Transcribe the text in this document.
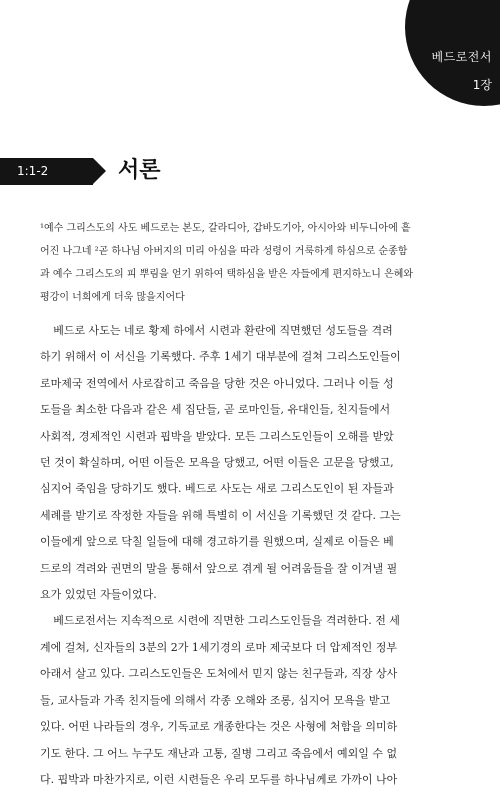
베드로전서
1장
1:1-2	서론

¹예수 그리스도의 사도 베드로는 본도, 갈라디아, 갑바도기아, 아시아와 비두니아에 흩

어진 나그네 ²곧 하나님 아버지의 미리 아심을 따라 성령이 거룩하게 하심으로 순종함

과 예수 그리스도의 피 뿌림을 얻기 위하여 택하심을 받은 자들에게 편지하노니 은혜와

평강이 너희에게 더욱 많을지어다

베드로 사도는 네로 황제 하에서 시련과 환란에 직면했던 성도들을 격려

하기 위해서 이 서신을 기록했다. 주후 1세기 대부분에 걸쳐 그리스도인들이

로마제국 전역에서 사로잡히고 죽음을 당한 것은 아니었다. 그러나 이들 성

도들을 최소한 다음과 같은 세 집단들, 곧 로마인들, 유대인들, 친지들에서

사회적, 경제적인 시련과 핍박을 받았다. 모든 그리스도인들이 오해를 받았

던 것이 확실하며, 어떤 이들은 모욕을 당했고, 어떤 이들은 고문을 당했고,

심지어 죽임을 당하기도 했다. 베드로 사도는 새로 그리스도인이 된 자들과

세례를 받기로 작정한 자들을 위해 특별히 이 서신을 기록했던 것 같다. 그는

이들에게 앞으로 닥칠 일들에 대해 경고하기를 원했으며, 실제로 이들은 베

드로의 격려와 권면의 말을 통해서 앞으로 겪게 될 어려움들을 잘 이겨낼 필

요가 있었던 자들이었다.

베드로전서는 지속적으로 시련에 직면한 그리스도인들을 격려한다. 전 세

계에 걸쳐, 신자들의 3분의 2가 1세기경의 로마 제국보다 더 압제적인 정부

아래서 살고 있다. 그리스도인들은 도처에서 믿지 않는 친구들과, 직장 상사

들, 교사들과 가족 친지들에 의해서 각종 오해와 조롱, 심지어 모욕을 받고

있다. 어떤 나라들의 경우, 기독교로 개종한다는 것은 사형에 처함을 의미하

기도 한다. 그 어느 누구도 재난과 고통, 질병 그리고 죽음에서 예외일 수 없

다. 핍박과 마찬가지로, 이런 시련들은 우리 모두를 하나님께로 가까이 나아
